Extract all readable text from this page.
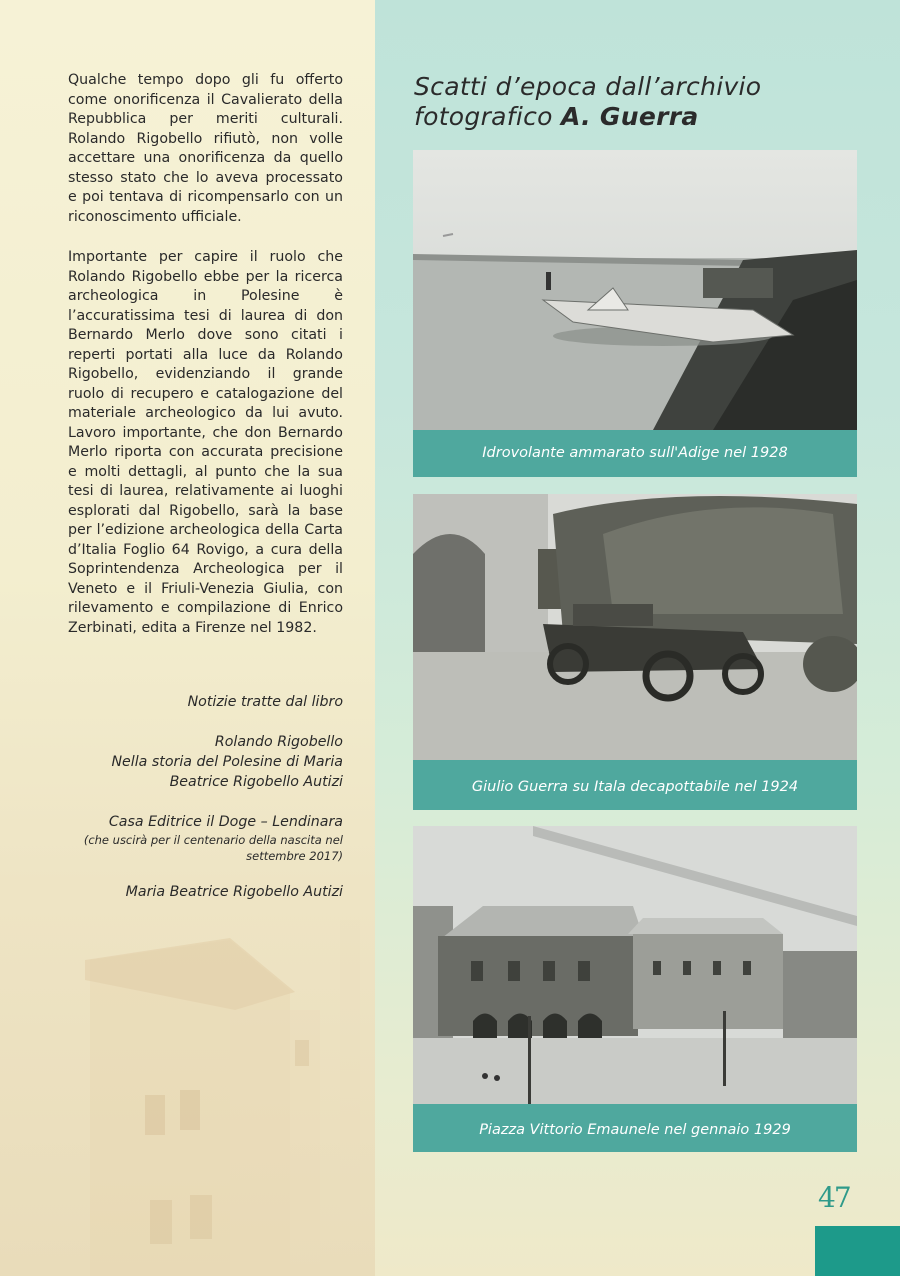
Qualche tempo dopo gli fu offerto come onorificenza il Cavalierato della Repubblica per meriti culturali. Rolando Rigobello rifiutò, non volle accettare una onorificenza da quello stesso stato che lo aveva processato e poi tentava di ricompensarlo con un riconoscimento ufficiale.

Importante per capire il ruolo che Rolando Rigobello ebbe per la ricerca archeologica in Polesine è l’accuratissima tesi di laurea di don Bernardo Merlo dove sono citati i reperti portati alla luce da Rolando Rigobello, evidenziando il grande ruolo di recupero e catalogazione del materiale archeologico da lui avuto. Lavoro importante, che don Bernardo Merlo riporta con accurata precisione e molti dettagli, al punto che la sua tesi di laurea, relativamente ai luoghi esplorati dal Rigobello, sarà la base per l’edizione archeologica della Carta d’Italia Foglio 64 Rovigo, a cura della Soprintendenza Archeologica per il Veneto e il Friuli-Venezia Giulia, con rilevamento e compilazione di Enrico Zerbinati, edita a Firenze nel 1982.

Notizie tratte dal libro
Rolando Rigobello
Nella storia del Polesine di Maria
Beatrice Rigobello Autizi
Casa Editrice il Doge – Lendinara
(che uscirà per il centenario della nascita nel
settembre 2017)
Maria Beatrice Rigobello Autizi
Scatti d’epoca dall’archivio
fotografico A. Guerra
Idrovolante ammarato sull'Adige nel 1928
Giulio Guerra su Itala decapottabile nel 1924
Piazza Vittorio Emaunele nel gennaio 1929
47
